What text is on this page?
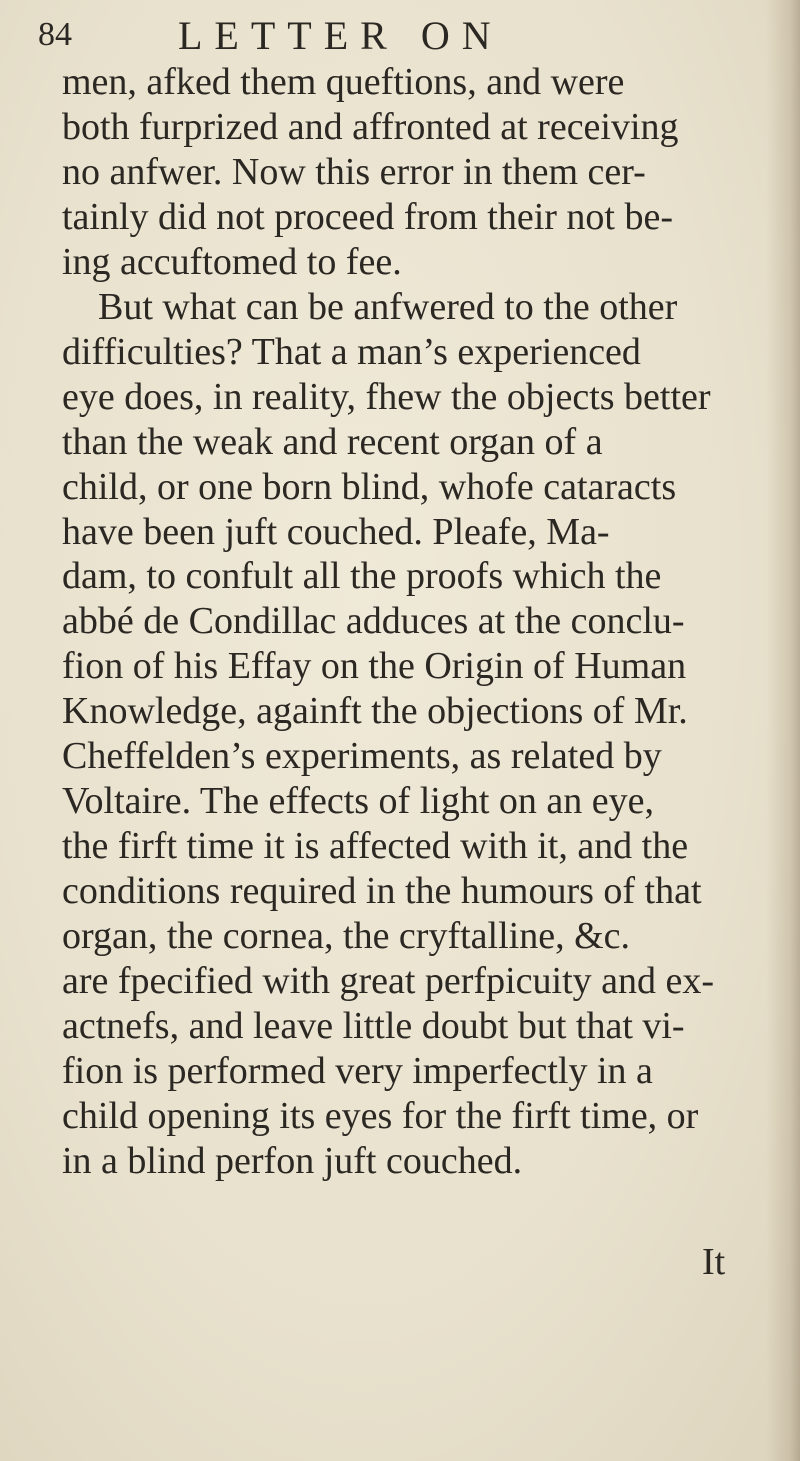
84	LETTER ON
men, afked them queftions, and were
both furprized and affronted at receiving
no anfwer. Now this error in them cer-
tainly did not proceed from their not be-
ing accuftomed to fee.
But what can be anfwered to the other
difficulties? That a man’s experienced
eye does, in reality, fhew the objects better
than the weak and recent organ of a
child, or one born blind, whofe cataracts
have been juft couched. Pleafe, Ma-
dam, to confult all the proofs which the
abbé de Condillac adduces at the conclu-
fion of his Effay on the Origin of Human
Knowledge, againft the objections of Mr.
Cheffelden’s experiments, as related by
Voltaire. The effects of light on an eye,
the firft time it is affected with it, and the
conditions required in the humours of that
organ, the cornea, the cryftalline, &c.
are fpecified with great perfpicuity and ex-
actnefs, and leave little doubt but that vi-
fion is performed very imperfectly in a
child opening its eyes for the firft time, or
in a blind perfon juft couched.
It
